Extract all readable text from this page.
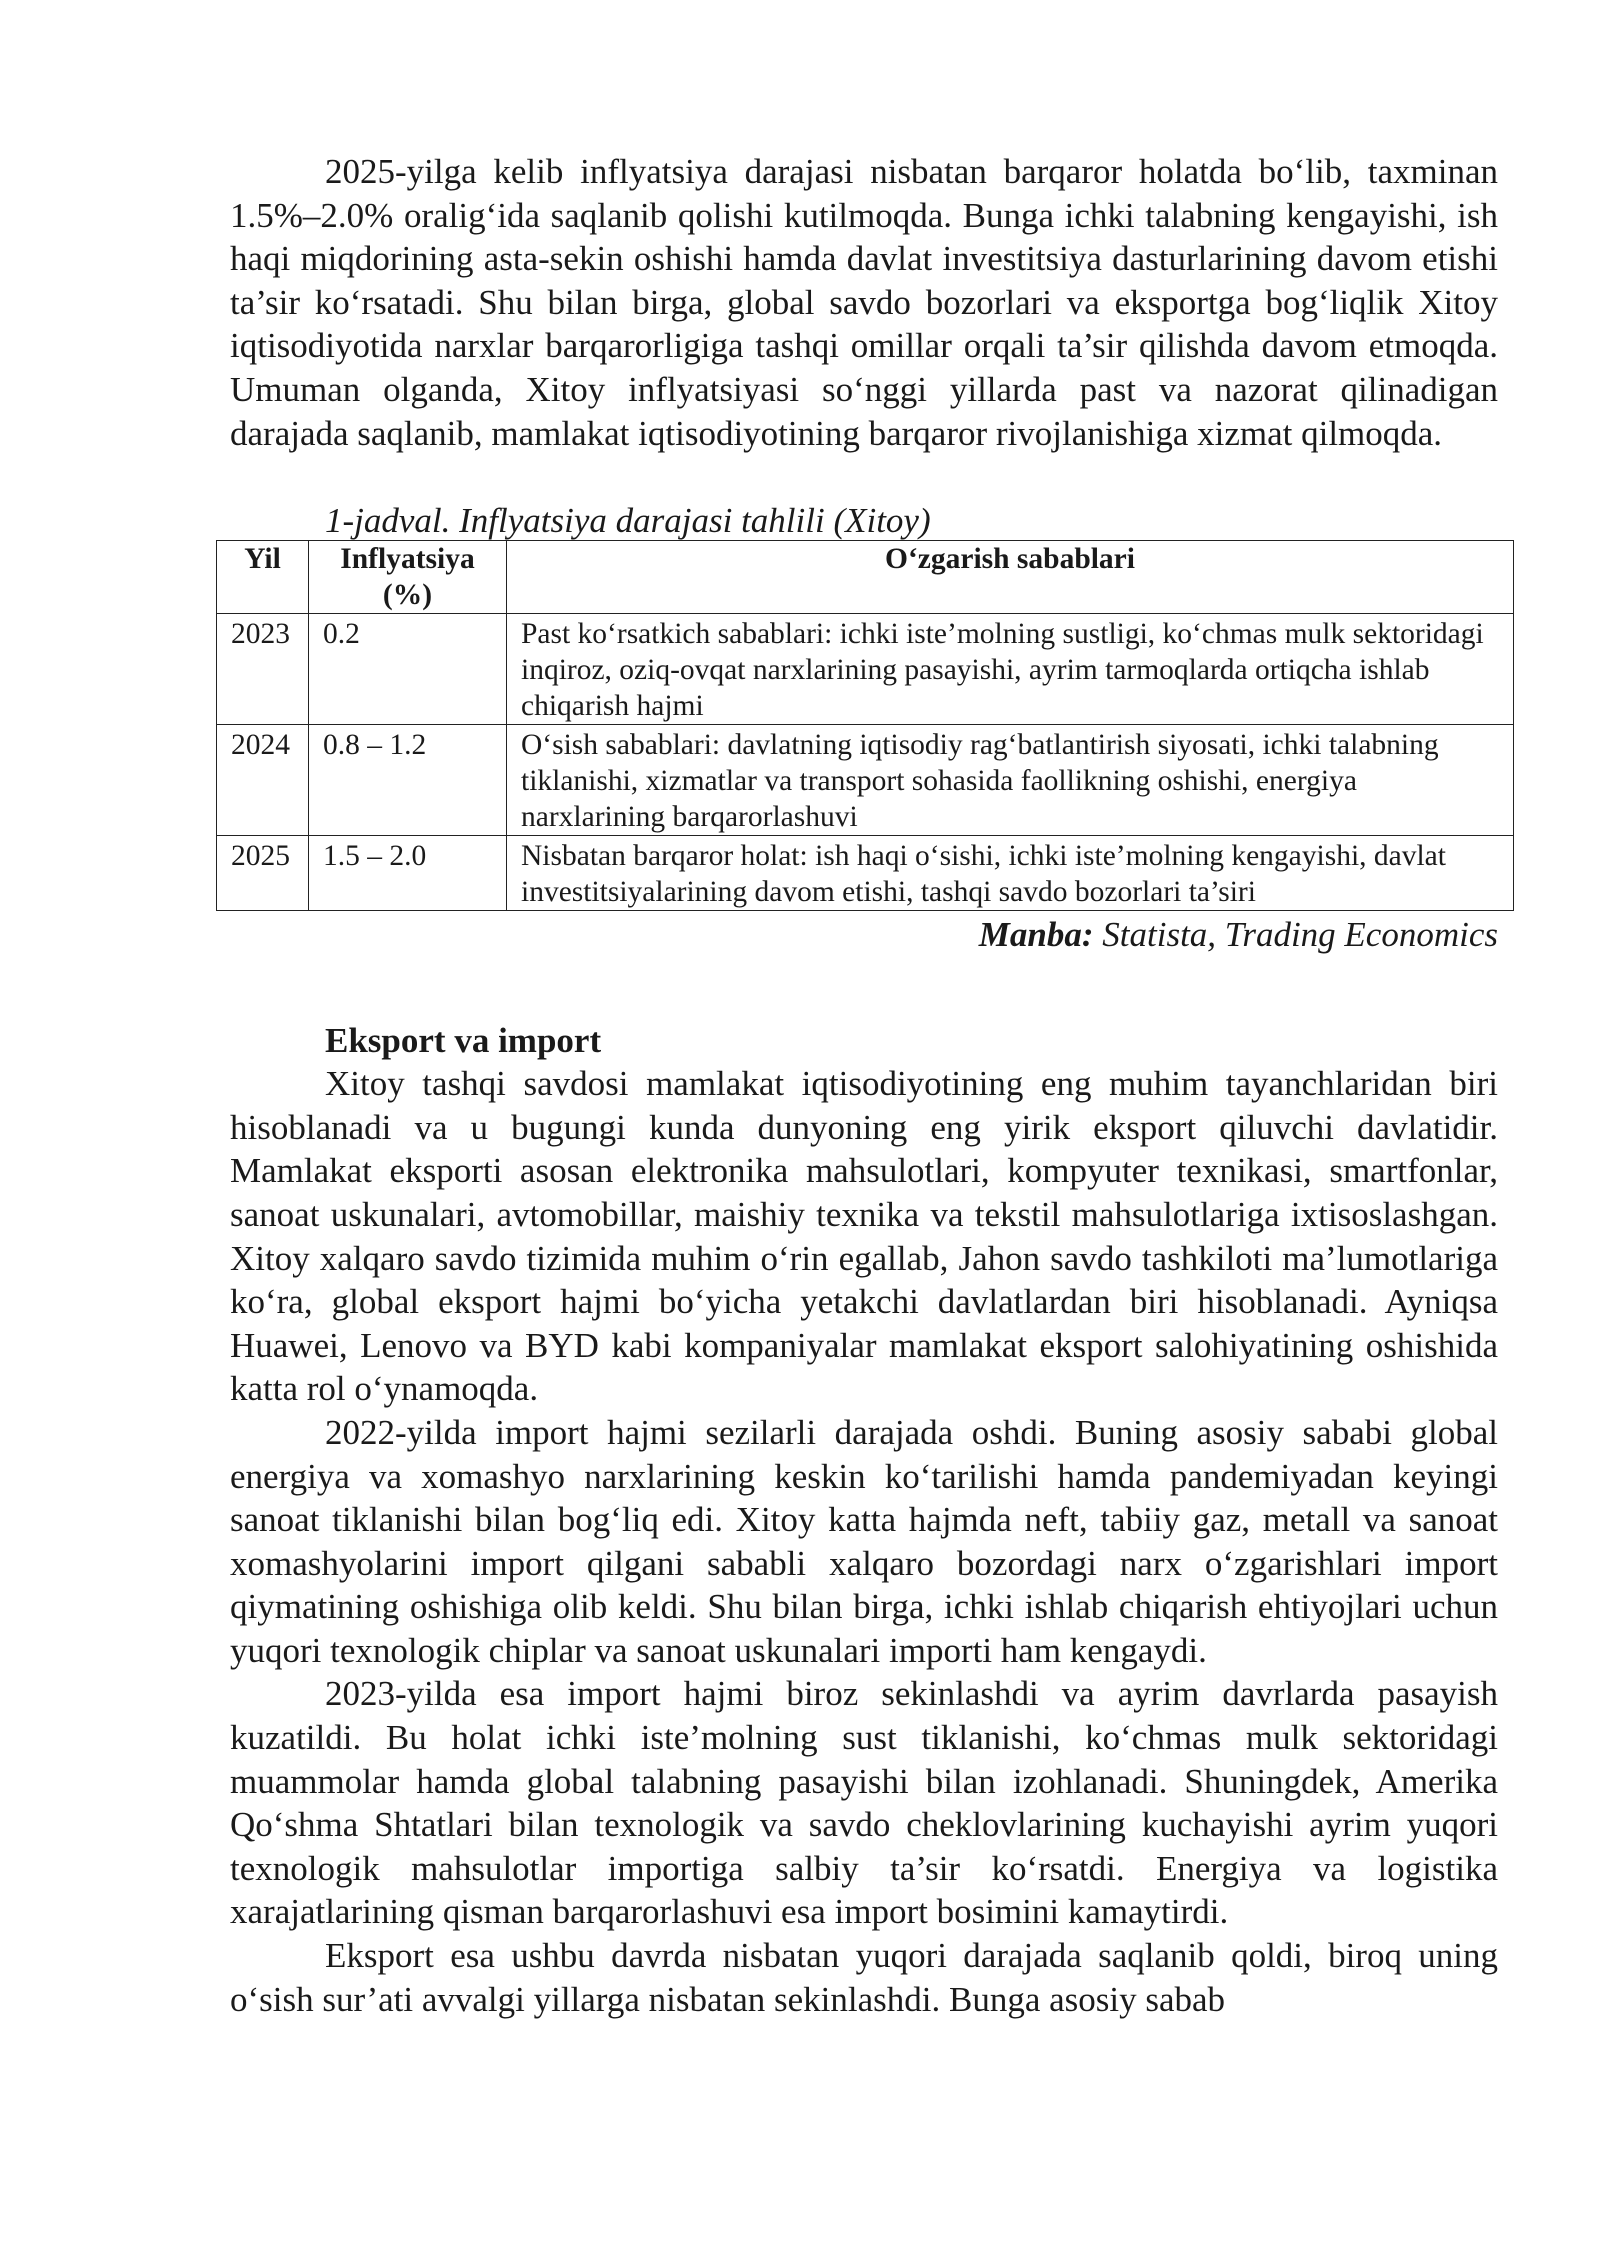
2025-yilga kelib inflyatsiya darajasi nisbatan barqaror holatda bo‘lib, taxminan 1.5%–2.0% oralig‘ida saqlanib qolishi kutilmoqda. Bunga ichki talabning kengayishi, ish haqi miqdorining asta-sekin oshishi hamda davlat investitsiya dasturlarining davom etishi ta’sir ko‘rsatadi. Shu bilan birga, global savdo bozorlari va eksportga bog‘liqlik Xitoy iqtisodiyotida narxlar barqarorligiga tashqi omillar orqali ta’sir qilishda davom etmoqda. Umuman olganda, Xitoy inflyatsiyasi so‘nggi yillarda past va nazorat qilinadigan darajada saqlanib, mamlakat iqtisodiyotining barqaror rivojlanishiga xizmat qilmoqda.

1-jadval. Inflyatsiya darajasi tahlili (Xitoy)
Yil	Inflyatsiya (%)	O‘zgarish sabablari
2023	0.2	Past ko‘rsatkich sabablari: ichki iste’molning sustligi, ko‘chmas mulk sektoridagi inqiroz, oziq-ovqat narxlarining pasayishi, ayrim tarmoqlarda ortiqcha ishlab chiqarish hajmi
2024	0.8 – 1.2	O‘sish sabablari: davlatning iqtisodiy rag‘batlantirish siyosati, ichki talabning tiklanishi, xizmatlar va transport sohasida faollikning oshishi, energiya narxlarining barqarorlashuvi
2025	1.5 – 2.0	Nisbatan barqaror holat: ish haqi o‘sishi, ichki iste’molning kengayishi, davlat investitsiyalarining davom etishi, tashqi savdo bozorlari ta’siri

Manba: Statista, Trading Economics

Eksport va import

Xitoy tashqi savdosi mamlakat iqtisodiyotining eng muhim tayanchlaridan biri hisoblanadi va u bugungi kunda dunyoning eng yirik eksport qiluvchi davlatidir. Mamlakat eksporti asosan elektronika mahsulotlari, kompyuter texnikasi, smartfonlar, sanoat uskunalari, avtomobillar, maishiy texnika va tekstil mahsulotlariga ixtisoslashgan. Xitoy xalqaro savdo tizimida muhim o‘rin egallab, Jahon savdo tashkiloti ma’lumotlariga ko‘ra, global eksport hajmi bo‘yicha yetakchi davlatlardan biri hisoblanadi. Ayniqsa Huawei, Lenovo va BYD kabi kompaniyalar mamlakat eksport salohiyatining oshishida katta rol o‘ynamoqda.

2022-yilda import hajmi sezilarli darajada oshdi. Buning asosiy sababi global energiya va xomashyo narxlarining keskin ko‘tarilishi hamda pandemiyadan keyingi sanoat tiklanishi bilan bog‘liq edi. Xitoy katta hajmda neft, tabiiy gaz, metall va sanoat xomashyolarini import qilgani sababli xalqaro bozordagi narx o‘zgarishlari import qiymatining oshishiga olib keldi. Shu bilan birga, ichki ishlab chiqarish ehtiyojlari uchun yuqori texnologik chiplar va sanoat uskunalari importi ham kengaydi.

2023-yilda esa import hajmi biroz sekinlashdi va ayrim davrlarda pasayish kuzatildi. Bu holat ichki iste’molning sust tiklanishi, ko‘chmas mulk sektoridagi muammolar hamda global talabning pasayishi bilan izohlanadi. Shuningdek, Amerika Qo‘shma Shtatlari bilan texnologik va savdo cheklovlarining kuchayishi ayrim yuqori texnologik mahsulotlar importiga salbiy ta’sir ko‘rsatdi. Energiya va logistika xarajatlarining qisman barqarorlashuvi esa import bosimini kamaytirdi.

Eksport esa ushbu davrda nisbatan yuqori darajada saqlanib qoldi, biroq uning o‘sish sur’ati avvalgi yillarga nisbatan sekinlashdi. Bunga asosiy sabab
